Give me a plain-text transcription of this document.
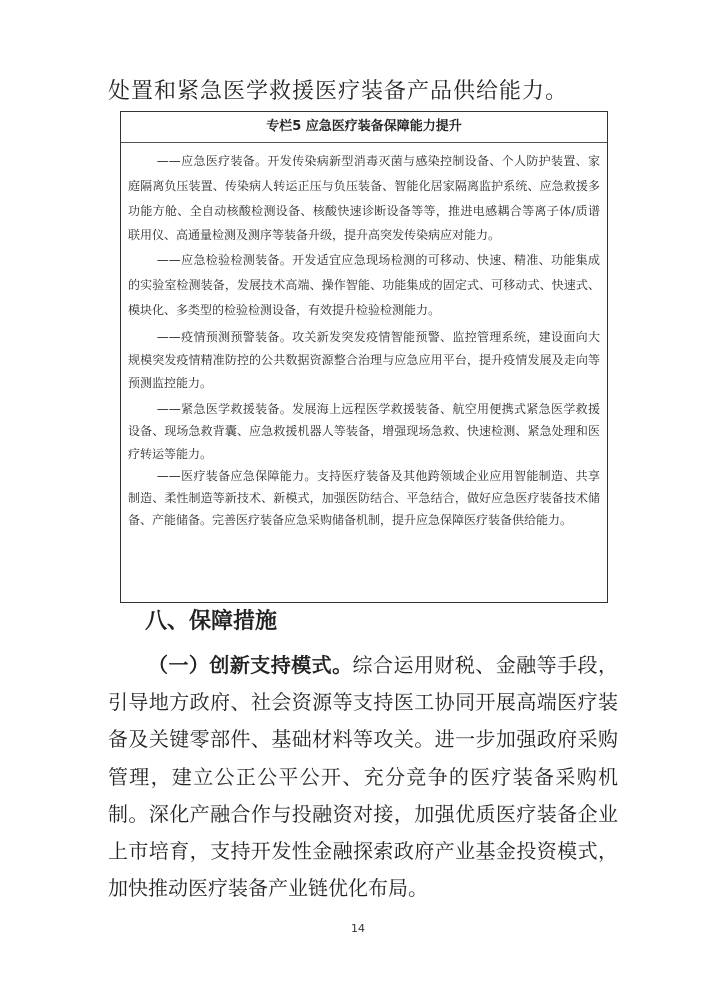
处置和紧急医学救援医疗装备产品供给能力。
专栏5 应急医疗装备保障能力提升

——应急医疗装备。开发传染病新型消毒灭菌与感染控制设备、个人防护装置、家庭隔离负压装置、传染病人转运正压与负压装备、智能化居家隔离监护系统、应急救援多功能方舱、全自动核酸检测设备、核酸快速诊断设备等等，推进电感耦合等离子体/质谱联用仪、高通量检测及测序等装备升级，提升高突发传染病应对能力。

——应急检验检测装备。开发适宜应急现场检测的可移动、快速、精准、功能集成的实验室检测装备，发展技术高端、操作智能、功能集成的固定式、可移动式、快速式、模块化、多类型的检验检测设备，有效提升检验检测能力。

——疫情预测预警装备。攻关新发突发疫情智能预警、监控管理系统，建设面向大规模突发疫情精准防控的公共数据资源整合治理与应急应用平台，提升疫情发展及走向等预测监控能力。

——紧急医学救援装备。发展海上远程医学救援装备、航空用便携式紧急医学救援设备、现场急救背囊、应急救援机器人等装备，增强现场急救、快速检测、紧急处理和医疗转运等能力。

——医疗装备应急保障能力。支持医疗装备及其他跨领域企业应用智能制造、共享制造、柔性制造等新技术、新模式，加强医防结合、平急结合，做好应急医疗装备技术储备、产能储备。完善医疗装备应急采购储备机制，提升应急保障医疗装备供给能力。

八、保障措施

（一）创新支持模式。综合运用财税、金融等手段，引导地方政府、社会资源等支持医工协同开展高端医疗装备及关键零部件、基础材料等攻关。进一步加强政府采购管理，建立公正公平公开、充分竞争的医疗装备采购机制。深化产融合作与投融资对接，加强优质医疗装备企业上市培育，支持开发性金融探索政府产业基金投资模式，加快推动医疗装备产业链优化布局。

14
